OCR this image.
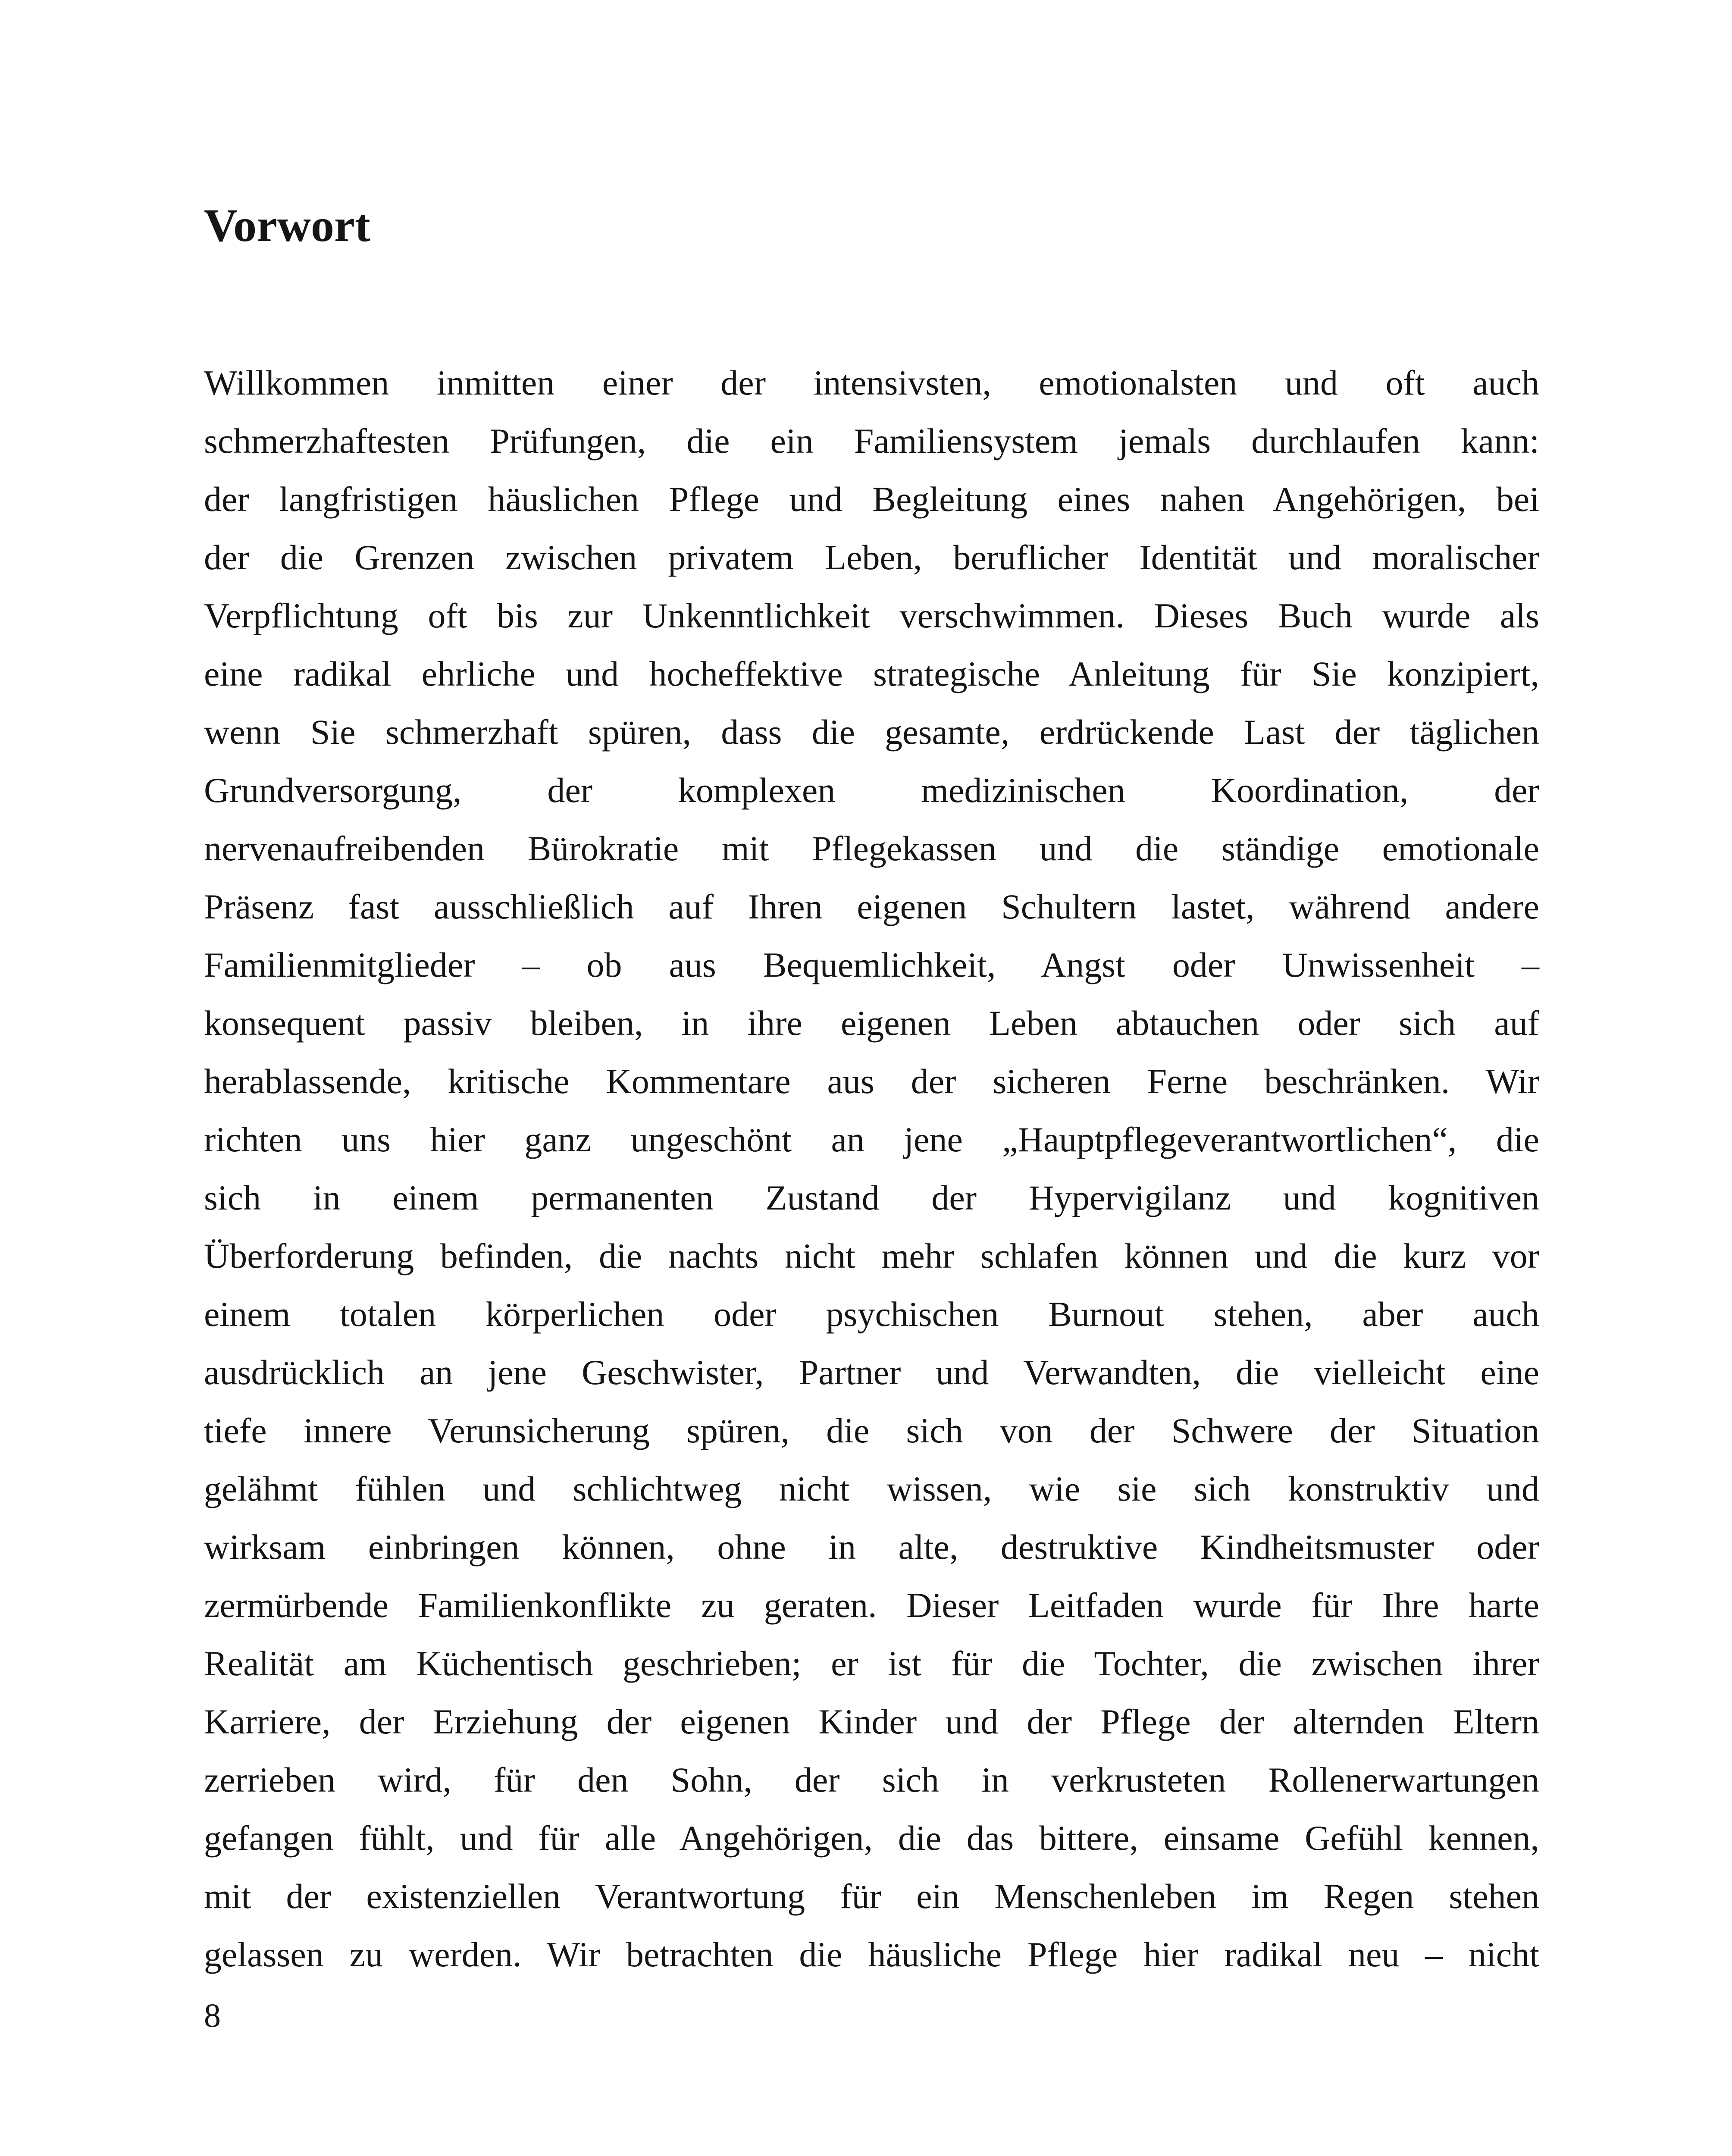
Vorwort
Willkommen inmitten einer der intensivsten, emotionalsten und oft auch
schmerzhaftesten Prüfungen, die ein Familiensystem jemals durchlaufen kann:
der langfristigen häuslichen Pflege und Begleitung eines nahen Angehörigen, bei
der die Grenzen zwischen privatem Leben, beruflicher Identität und moralischer
Verpflichtung oft bis zur Unkenntlichkeit verschwimmen. Dieses Buch wurde als
eine radikal ehrliche und hocheffektive strategische Anleitung für Sie konzipiert,
wenn Sie schmerzhaft spüren, dass die gesamte, erdrückende Last der täglichen
Grundversorgung, der komplexen medizinischen Koordination, der
nervenaufreibenden Bürokratie mit Pflegekassen und die ständige emotionale
Präsenz fast ausschließlich auf Ihren eigenen Schultern lastet, während andere
Familienmitglieder – ob aus Bequemlichkeit, Angst oder Unwissenheit –
konsequent passiv bleiben, in ihre eigenen Leben abtauchen oder sich auf
herablassende, kritische Kommentare aus der sicheren Ferne beschränken. Wir
richten uns hier ganz ungeschönt an jene „Hauptpflegeverantwortlichen“, die
sich in einem permanenten Zustand der Hypervigilanz und kognitiven
Überforderung befinden, die nachts nicht mehr schlafen können und die kurz vor
einem totalen körperlichen oder psychischen Burnout stehen, aber auch
ausdrücklich an jene Geschwister, Partner und Verwandten, die vielleicht eine
tiefe innere Verunsicherung spüren, die sich von der Schwere der Situation
gelähmt fühlen und schlichtweg nicht wissen, wie sie sich konstruktiv und
wirksam einbringen können, ohne in alte, destruktive Kindheitsmuster oder
zermürbende Familienkonflikte zu geraten. Dieser Leitfaden wurde für Ihre harte
Realität am Küchentisch geschrieben; er ist für die Tochter, die zwischen ihrer
Karriere, der Erziehung der eigenen Kinder und der Pflege der alternden Eltern
zerrieben wird, für den Sohn, der sich in verkrusteten Rollenerwartungen
gefangen fühlt, und für alle Angehörigen, die das bittere, einsame Gefühl kennen,
mit der existenziellen Verantwortung für ein Menschenleben im Regen stehen
gelassen zu werden. Wir betrachten die häusliche Pflege hier radikal neu – nicht
8
